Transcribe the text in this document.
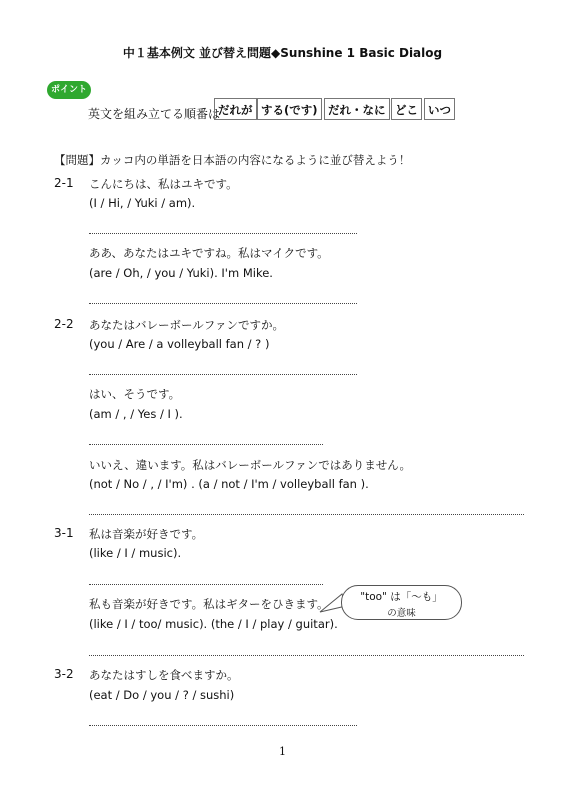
中１基本例文 並び替え問題◆Sunshine 1 Basic Dialog
ポイント
英文を組み立てる順番は
だれが する(です) だれ・なに どこ いつ
【問題】カッコ内の単語を日本語の内容になるように並び替えよう！
2-1 こんにちは、私はユキです。
(I / Hi, / Yuki / am).
ああ、あなたはユキですね。私はマイクです。
(are / Oh, / you / Yuki). I'm Mike.
2-2 あなたはバレーボールファンですか。
(you / Are / a volleyball fan / ? )
はい、そうです。
(am / , / Yes / I ).
いいえ、違います。私はバレーボールファンではありません。
(not / No / , / I'm) . (a / not / I'm / volleyball fan ).
3-1 私は音楽が好きです。
(like / I / music).
私も音楽が好きです。私はギターをひきます。
(like / I / too/ music). (the / I / play / guitar).
"too" は「～も」
の意味
3-2 あなたはすしを食べますか。
(eat / Do / you / ? / sushi)
1
